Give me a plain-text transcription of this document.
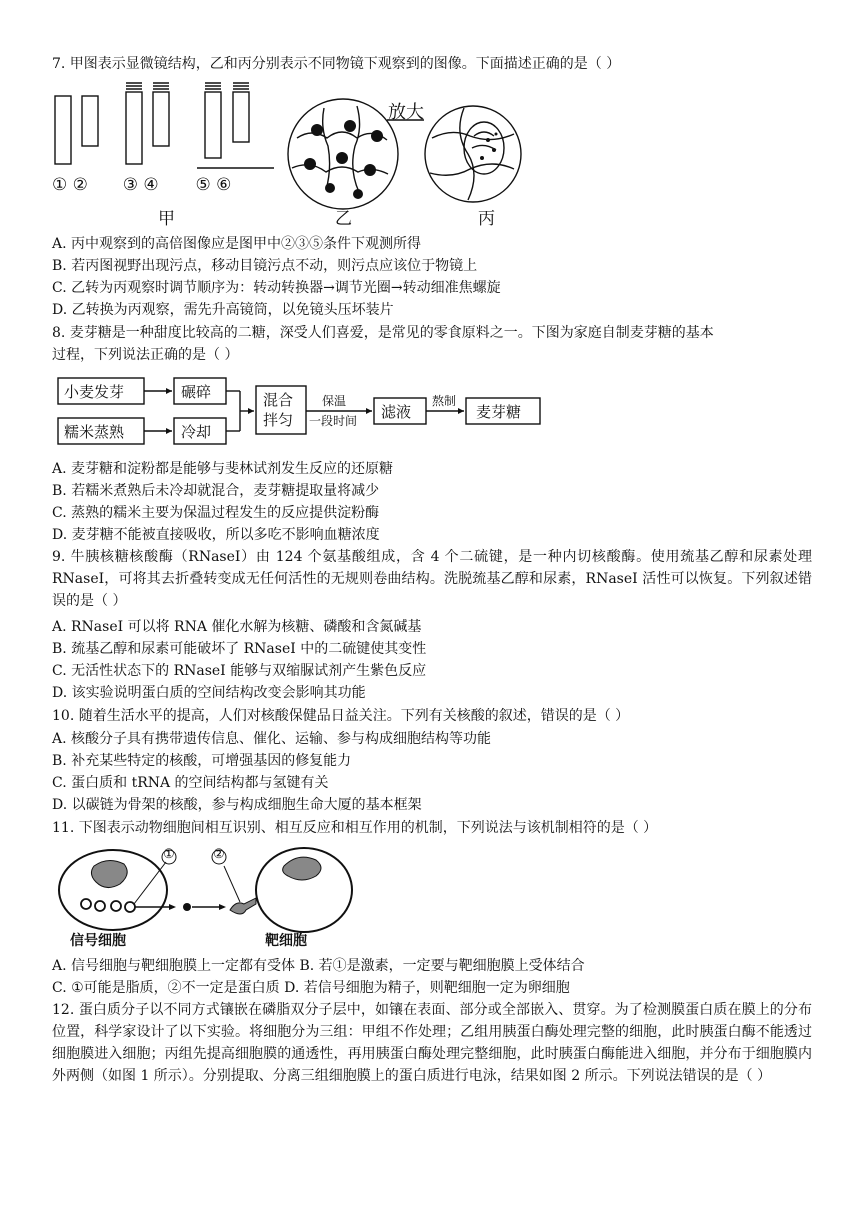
7. 甲图表示显微镜结构，乙和丙分别表示不同物镜下观察到的图像。下面描述正确的是（ ）
放大
① ② ③ ④ ⑤ ⑥
甲	乙	丙
A. 丙中观察到的高倍图像应是图甲中②③⑤条件下观测所得
B. 若丙图视野出现污点，移动目镜污点不动，则污点应该位于物镜上
C. 乙转为丙观察时调节顺序为：转动转换器→调节光圈→转动细准焦螺旋
D. 乙转换为丙观察，需先升高镜筒，以免镜头压坏装片
8. 麦芽糖是一种甜度比较高的二糖，深受人们喜爱，是常见的零食原料之一。下图为家庭自制麦芽糖的基本
过程，下列说法正确的是（ ）
小麦发芽	碾碎
糯米蒸熟	冷却
混合
拌匀
保温
一段时间 滤液
熬制
麦芽糖
A. 麦芽糖和淀粉都是能够与斐林试剂发生反应的还原糖
B. 若糯米煮熟后未冷却就混合，麦芽糖提取量将减少
C. 蒸熟的糯米主要为保温过程发生的反应提供淀粉酶
D. 麦芽糖不能被直接吸收，所以多吃不影响血糖浓度
9. 牛胰核糖核酸酶（RNaseI）由 124 个氨基酸组成，含 4 个二硫键，是一种内切核酸酶。使用巯基乙醇和尿素处理 RNaseI，可将其去折叠转变成无任何活性的无规则卷曲结构。洗脱巯基乙醇和尿素，RNaseI 活性可以恢复。下列叙述错误的是（ ）
A. RNaseI 可以将 RNA 催化水解为核糖、磷酸和含氮碱基
B. 巯基乙醇和尿素可能破坏了 RNaseI 中的二硫键使其变性
C. 无活性状态下的 RNaseI 能够与双缩脲试剂产生紫色反应
D. 该实验说明蛋白质的空间结构改变会影响其功能
10. 随着生活水平的提高，人们对核酸保健品日益关注。下列有关核酸的叙述，错误的是（ ）
A. 核酸分子具有携带遗传信息、催化、运输、参与构成细胞结构等功能
B. 补充某些特定的核酸，可增强基因的修复能力
C. 蛋白质和 tRNA 的空间结构都与氢键有关
D. 以碳链为骨架的核酸，参与构成细胞生命大厦的基本框架
11. 下图表示动物细胞间相互识别、相互反应和相互作用的机制，下列说法与该机制相符的是（ ）
①	②
信号细胞	靶细胞
A. 信号细胞与靶细胞膜上一定都有受体 B. 若①是激素，一定要与靶细胞膜上受体结合
C. ①可能是脂质，②不一定是蛋白质 D. 若信号细胞为精子，则靶细胞一定为卵细胞
12. 蛋白质分子以不同方式镶嵌在磷脂双分子层中，如镶在表面、部分或全部嵌入、贯穿。为了检测膜蛋白质在膜上的分布位置，科学家设计了以下实验。将细胞分为三组：甲组不作处理；乙组用胰蛋白酶处理完整的细胞，此时胰蛋白酶不能透过细胞膜进入细胞；丙组先提高细胞膜的通透性，再用胰蛋白酶处理完整细胞，此时胰蛋白酶能进入细胞，并分布于细胞膜内外两侧（如图 1 所示）。分别提取、分离三组细胞膜上的蛋白质进行电泳，结果如图 2 所示。下列说法错误的是（ ）
